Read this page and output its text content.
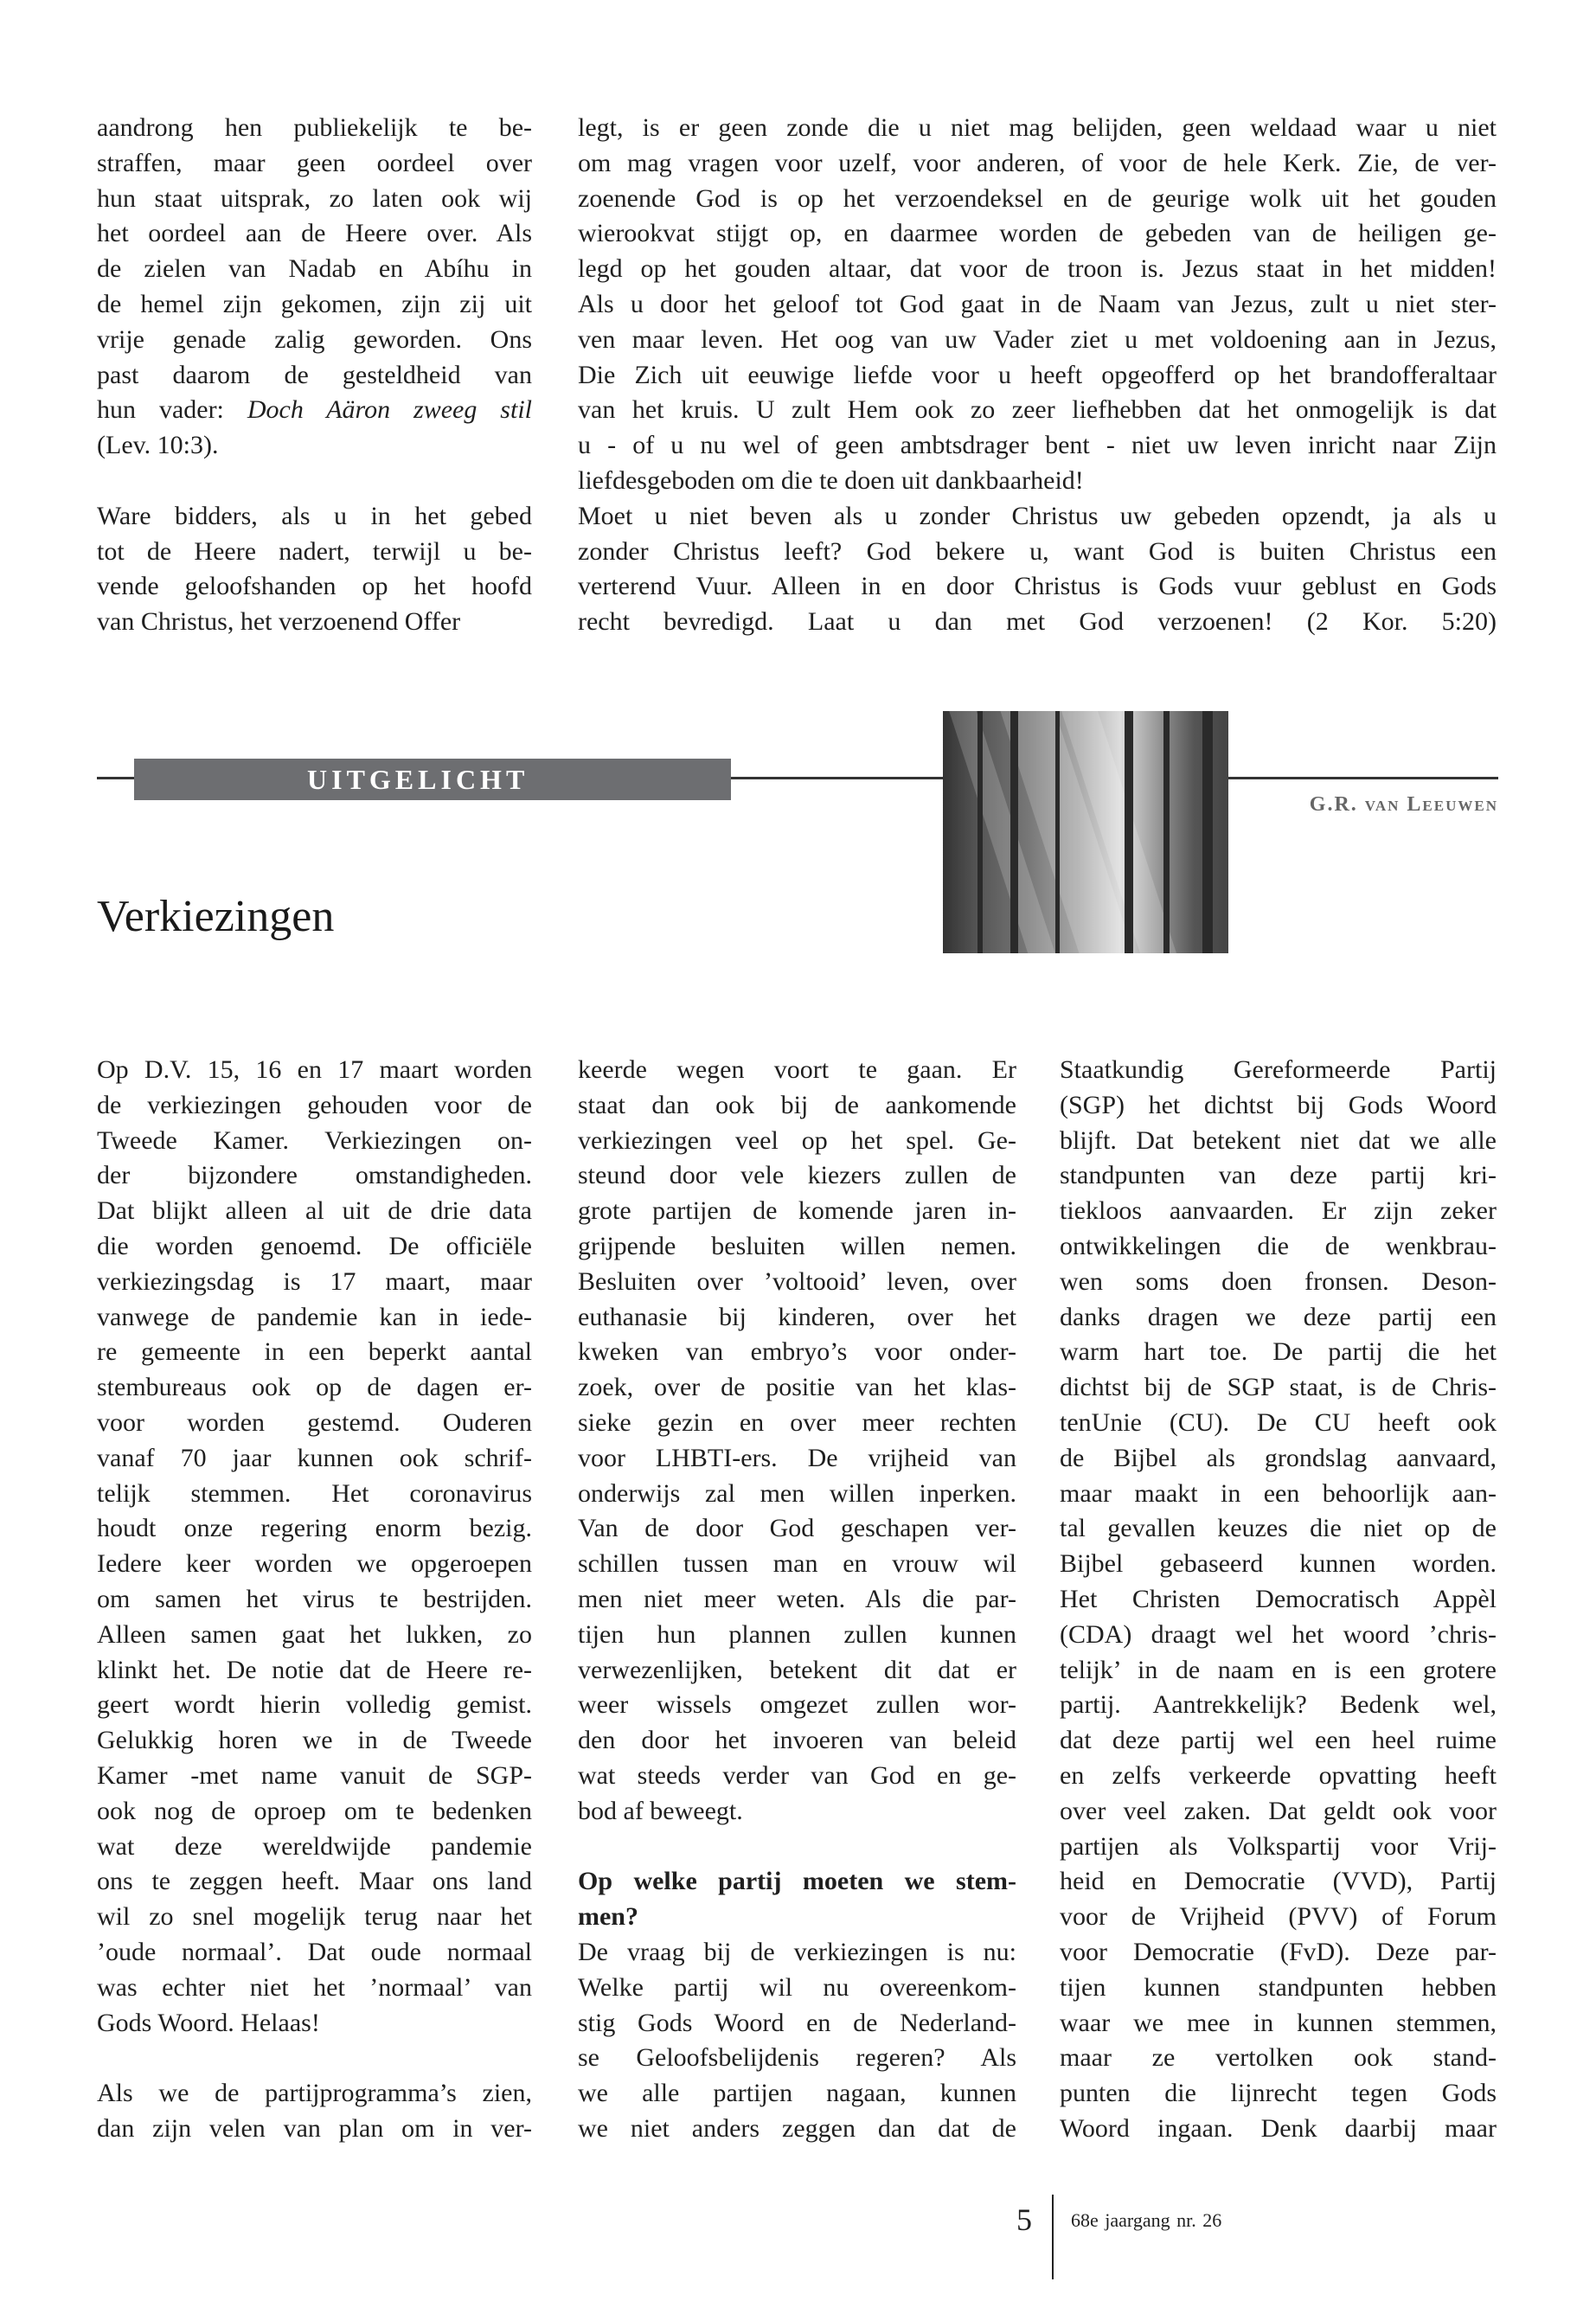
aandrong hen publiekelijk te be-
straffen, maar geen oordeel over
hun staat uitsprak, zo laten ook wij
het oordeel aan de Heere over. Als
de zielen van Nadab en Abíhu in
de hemel zijn gekomen, zijn zij uit
vrije genade zalig geworden. Ons
past daarom de gesteldheid van
hun vader: Doch Aäron zweeg stil
(Lev. 10:3).
Ware bidders, als u in het gebed
tot de Heere nadert, terwijl u be-
vende geloofshanden op het hoofd
van Christus, het verzoenend Offer
legt, is er geen zonde die u niet mag belijden, geen weldaad waar u niet
om mag vragen voor uzelf, voor anderen, of voor de hele Kerk. Zie, de ver-
zoenende God is op het verzoendeksel en de geurige wolk uit het gouden
wierookvat stijgt op, en daarmee worden de gebeden van de heiligen ge-
legd op het gouden altaar, dat voor de troon is. Jezus staat in het midden!
Als u door het geloof tot God gaat in de Naam van Jezus, zult u niet ster-
ven maar leven. Het oog van uw Vader ziet u met voldoening aan in Jezus,
Die Zich uit eeuwige liefde voor u heeft opgeofferd op het brandofferaltaar
van het kruis. U zult Hem ook zo zeer liefhebben dat het onmogelijk is dat
u - of u nu wel of geen ambtsdrager bent - niet uw leven inricht naar Zijn
liefdesgeboden om die te doen uit dankbaarheid!
Moet u niet beven als u zonder Christus uw gebeden opzendt, ja als u
zonder Christus leeft? God bekere u, want God is buiten Christus een
verterend Vuur. Alleen in en door Christus is Gods vuur geblust en Gods
recht bevredigd. Laat u dan met God verzoenen! (2 Kor. 5:20)
UITGELICHT
G.R. van Leeuwen
Verkiezingen
Op D.V. 15, 16 en 17 maart worden
de verkiezingen gehouden voor de
Tweede Kamer. Verkiezingen on-
der bijzondere omstandigheden.
Dat blijkt alleen al uit de drie data
die worden genoemd. De officiële
verkiezingsdag is 17 maart, maar
vanwege de pandemie kan in iede-
re gemeente in een beperkt aantal
stembureaus ook op de dagen er-
voor worden gestemd. Ouderen
vanaf 70 jaar kunnen ook schrif-
telijk stemmen. Het coronavirus
houdt onze regering enorm bezig.
Iedere keer worden we opgeroepen
om samen het virus te bestrijden.
Alleen samen gaat het lukken, zo
klinkt het. De notie dat de Heere re-
geert wordt hierin volledig gemist.
Gelukkig horen we in de Tweede
Kamer -met name vanuit de SGP-
ook nog de oproep om te bedenken
wat deze wereldwijde pandemie
ons te zeggen heeft. Maar ons land
wil zo snel mogelijk terug naar het
’oude normaal’. Dat oude normaal
was echter niet het ’normaal’ van
Gods Woord. Helaas!
Als we de partijprogramma’s zien,
dan zijn velen van plan om in ver-
keerde wegen voort te gaan. Er
staat dan ook bij de aankomende
verkiezingen veel op het spel. Ge-
steund door vele kiezers zullen de
grote partijen de komende jaren in-
grijpende besluiten willen nemen.
Besluiten over ’voltooid’ leven, over
euthanasie bij kinderen, over het
kweken van embryo’s voor onder-
zoek, over de positie van het klas-
sieke gezin en over meer rechten
voor LHBTI-ers. De vrijheid van
onderwijs zal men willen inperken.
Van de door God geschapen ver-
schillen tussen man en vrouw wil
men niet meer weten. Als die par-
tijen hun plannen zullen kunnen
verwezenlijken, betekent dit dat er
weer wissels omgezet zullen wor-
den door het invoeren van beleid
wat steeds verder van God en ge-
bod af beweegt.
Op welke partij moeten we stem-
men?
De vraag bij de verkiezingen is nu:
Welke partij wil nu overeenkom-
stig Gods Woord en de Nederland-
se Geloofsbelijdenis regeren? Als
we alle partijen nagaan, kunnen
we niet anders zeggen dan dat de
Staatkundig Gereformeerde Partij
(SGP) het dichtst bij Gods Woord
blijft. Dat betekent niet dat we alle
standpunten van deze partij kri-
tiekloos aanvaarden. Er zijn zeker
ontwikkelingen die de wenkbrau-
wen soms doen fronsen. Deson-
danks dragen we deze partij een
warm hart toe. De partij die het
dichtst bij de SGP staat, is de Chris-
tenUnie (CU). De CU heeft ook
de Bijbel als grondslag aanvaard,
maar maakt in een behoorlijk aan-
tal gevallen keuzes die niet op de
Bijbel gebaseerd kunnen worden.
Het Christen Democratisch Appèl
(CDA) draagt wel het woord ’chris-
telijk’ in de naam en is een grotere
partij. Aantrekkelijk? Bedenk wel,
dat deze partij wel een heel ruime
en zelfs verkeerde opvatting heeft
over veel zaken. Dat geldt ook voor
partijen als Volkspartij voor Vrij-
heid en Democratie (VVD), Partij
voor de Vrijheid (PVV) of Forum
voor Democratie (FvD). Deze par-
tijen kunnen standpunten hebben
waar we mee in kunnen stemmen,
maar ze vertolken ook stand-
punten die lijnrecht tegen Gods
Woord ingaan. Denk daarbij maar
5 68e jaargang nr. 26
